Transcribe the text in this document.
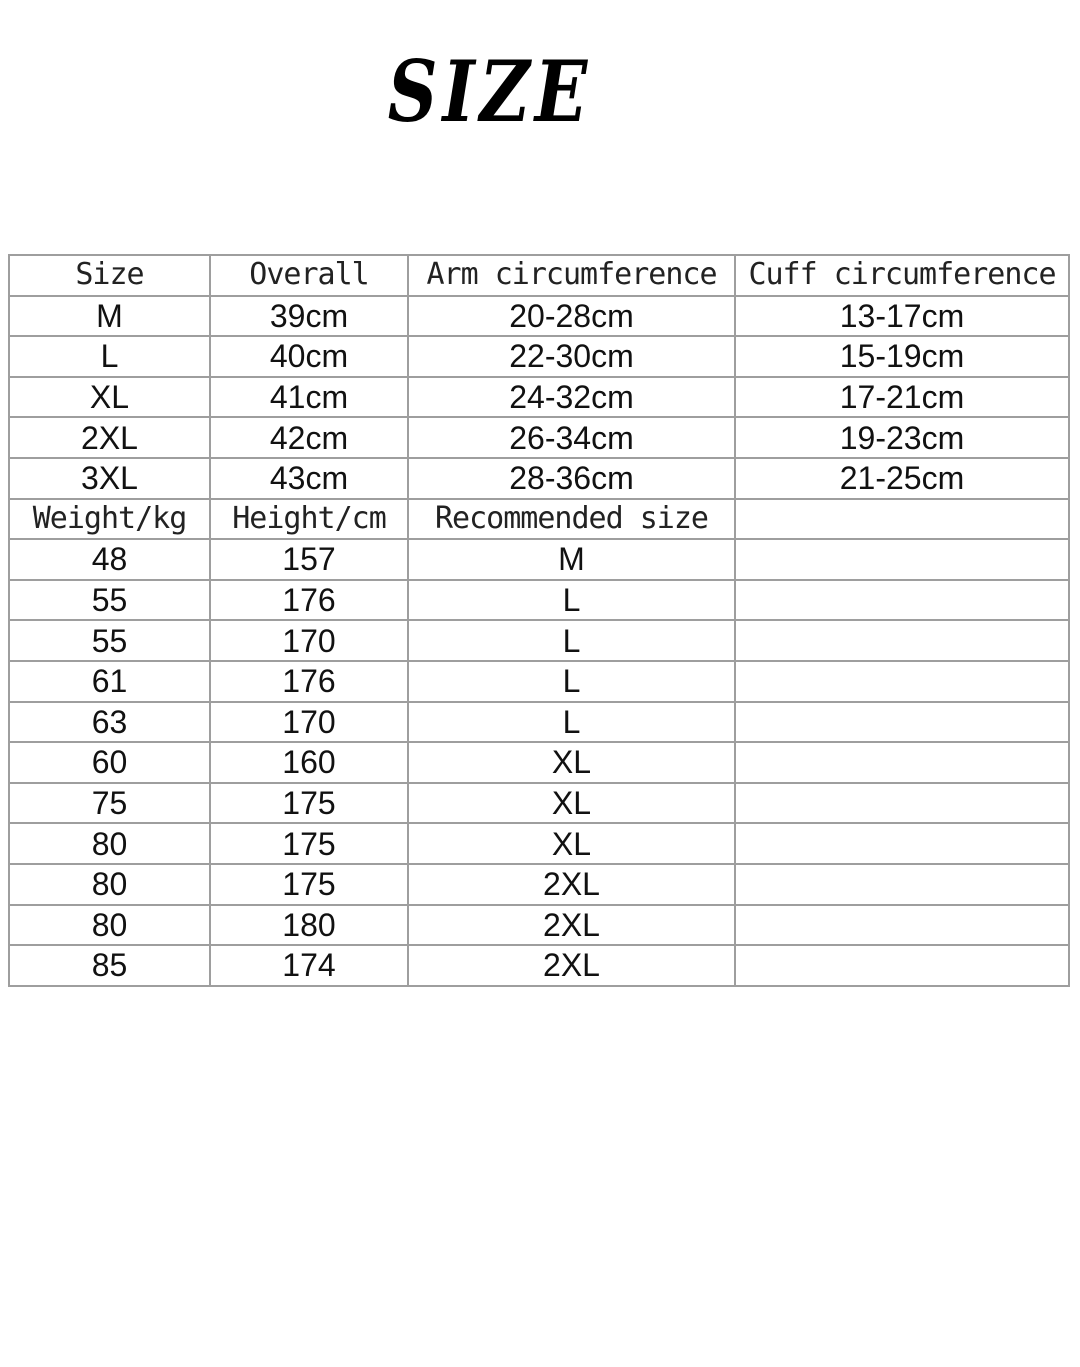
SIZE
Size	Overall	Arm circumference	Cuff circumference
M	39cm	20-28cm	13-17cm
L	40cm	22-30cm	15-19cm
XL	41cm	24-32cm	17-21cm
2XL	42cm	26-34cm	19-23cm
3XL	43cm	28-36cm	21-25cm
Weight/kg	Height/cm	Recommended size	
48	157	M	
55	176	L	
55	170	L	
61	176	L	
63	170	L	
60	160	XL	
75	175	XL	
80	175	XL	
80	175	2XL	
80	180	2XL	
85	174	2XL	
